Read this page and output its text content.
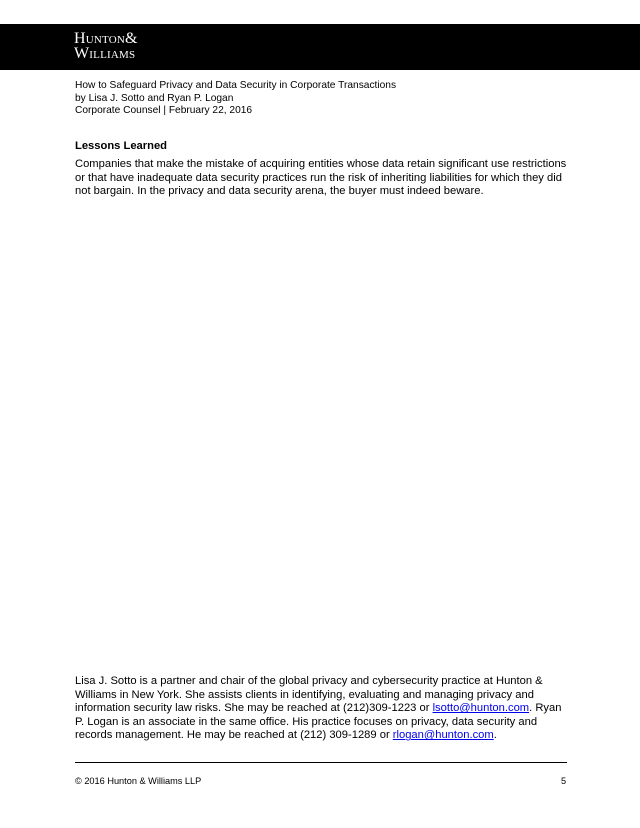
Hunton&
Williams
How to Safeguard Privacy and Data Security in Corporate Transactions
by Lisa J. Sotto and Ryan P. Logan
Corporate Counsel | February 22, 2016
Lessons Learned
Companies that make the mistake of acquiring entities whose data retain significant use restrictions or that have inadequate data security practices run the risk of inheriting liabilities for which they did not bargain. In the privacy and data security arena, the buyer must indeed beware.
Lisa J. Sotto is a partner and chair of the global privacy and cybersecurity practice at Hunton & Williams in New York. She assists clients in identifying, evaluating and managing privacy and information security law risks. She may be reached at (212)309-1223 or lsotto@hunton.com. Ryan P. Logan is an associate in the same office. His practice focuses on privacy, data security and records management. He may be reached at (212) 309-1289 or rlogan@hunton.com.
© 2016 Hunton & Williams LLP	5
